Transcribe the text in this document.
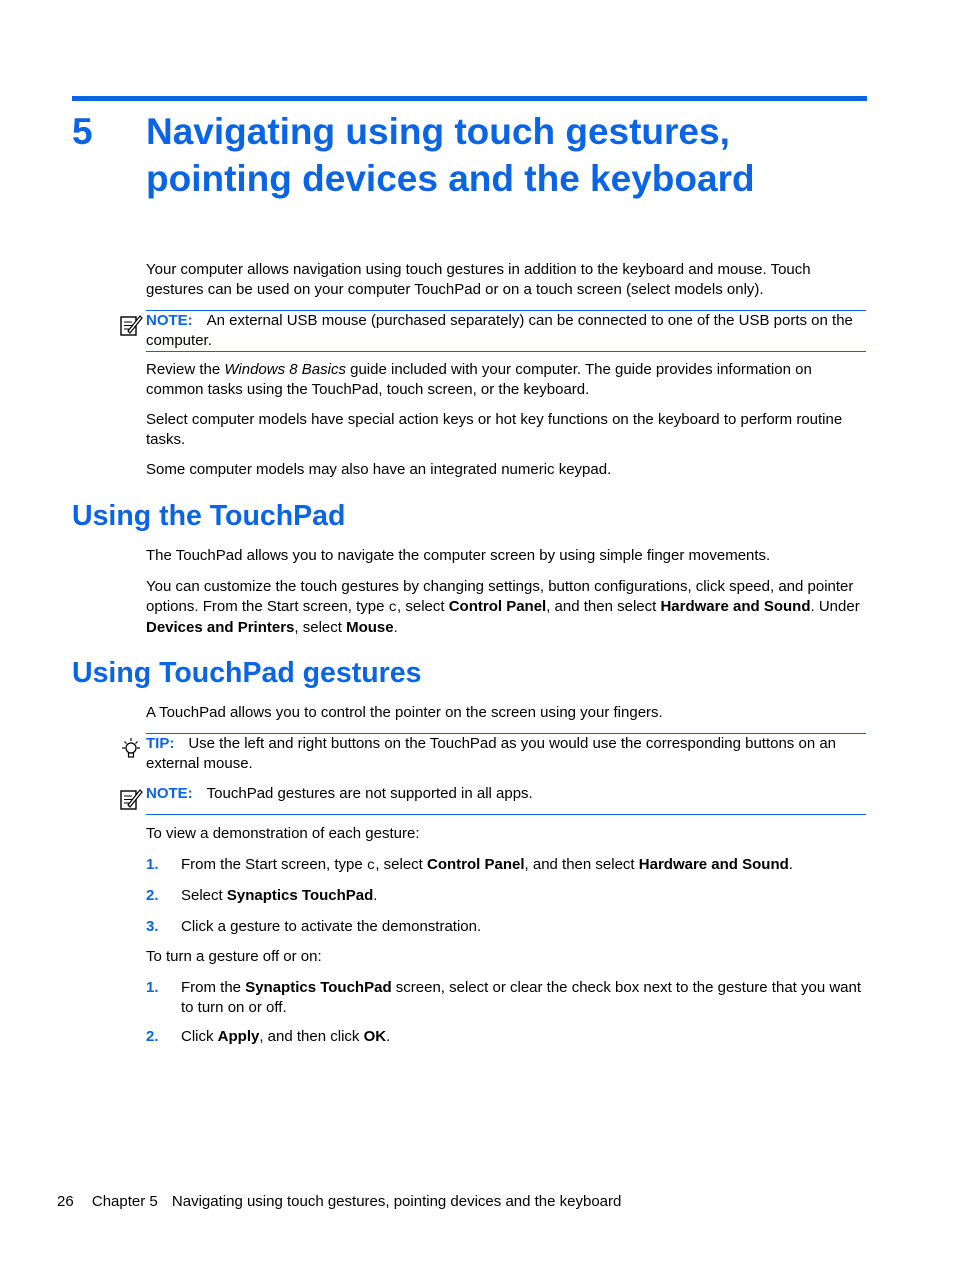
5 Navigating using touch gestures,
pointing devices and the keyboard

Your computer allows navigation using touch gestures in addition to the keyboard and mouse. Touch gestures can be used on your computer TouchPad or on a touch screen (select models only).

NOTE: An external USB mouse (purchased separately) can be connected to one of the USB ports on the computer.

Review the Windows 8 Basics guide included with your computer. The guide provides information on common tasks using the TouchPad, touch screen, or the keyboard.

Select computer models have special action keys or hot key functions on the keyboard to perform routine tasks.

Some computer models may also have an integrated numeric keypad.

Using the TouchPad

The TouchPad allows you to navigate the computer screen by using simple finger movements.

You can customize the touch gestures by changing settings, button configurations, click speed, and pointer options. From the Start screen, type c, select Control Panel, and then select Hardware and Sound. Under Devices and Printers, select Mouse.

Using TouchPad gestures

A TouchPad allows you to control the pointer on the screen using your fingers.

TIP: Use the left and right buttons on the TouchPad as you would use the corresponding buttons on an external mouse.

NOTE: TouchPad gestures are not supported in all apps.

To view a demonstration of each gesture:

1. From the Start screen, type c, select Control Panel, and then select Hardware and Sound.

2. Select Synaptics TouchPad.

3. Click a gesture to activate the demonstration.

To turn a gesture off or on:

1. From the Synaptics TouchPad screen, select or clear the check box next to the gesture that you want to turn on or off.

2. Click Apply, and then click OK.

26 Chapter 5 Navigating using touch gestures, pointing devices and the keyboard
